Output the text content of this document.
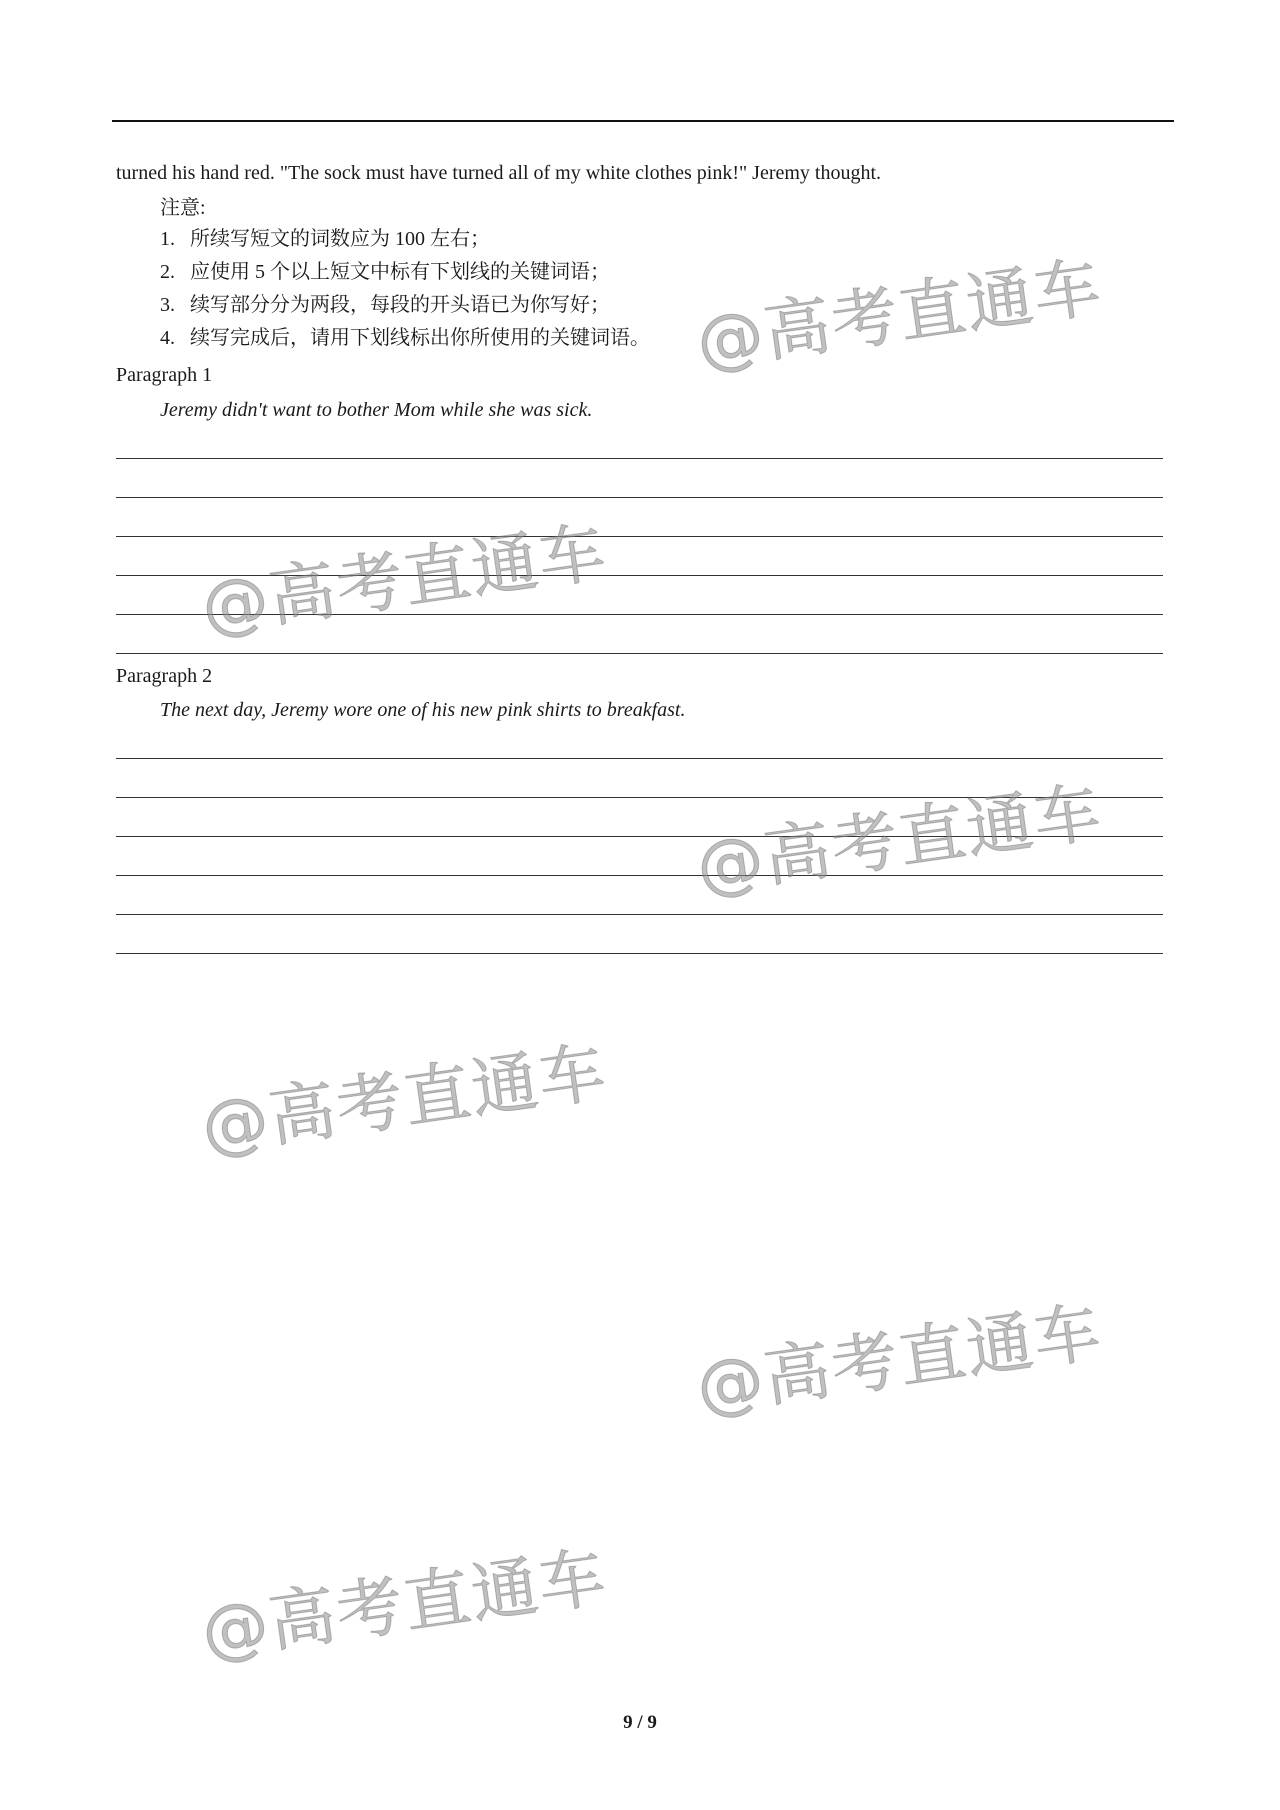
turned his hand red. "The sock must have turned all of my white clothes pink!" Jeremy thought.
注意:
1. 所续写短文的词数应为 100 左右；
2. 应使用 5 个以上短文中标有下划线的关键词语；
3. 续写部分分为两段，每段的开头语已为你写好；
4. 续写完成后，请用下划线标出你所使用的关键词语。
Paragraph 1
Jeremy didn't want to bother Mom while she was sick.
Paragraph 2
The next day, Jeremy wore one of his new pink shirts to breakfast.
@高考直通车
@高考直通车
@高考直通车
@高考直通车
@高考直通车
@高考直通车
9 / 9
